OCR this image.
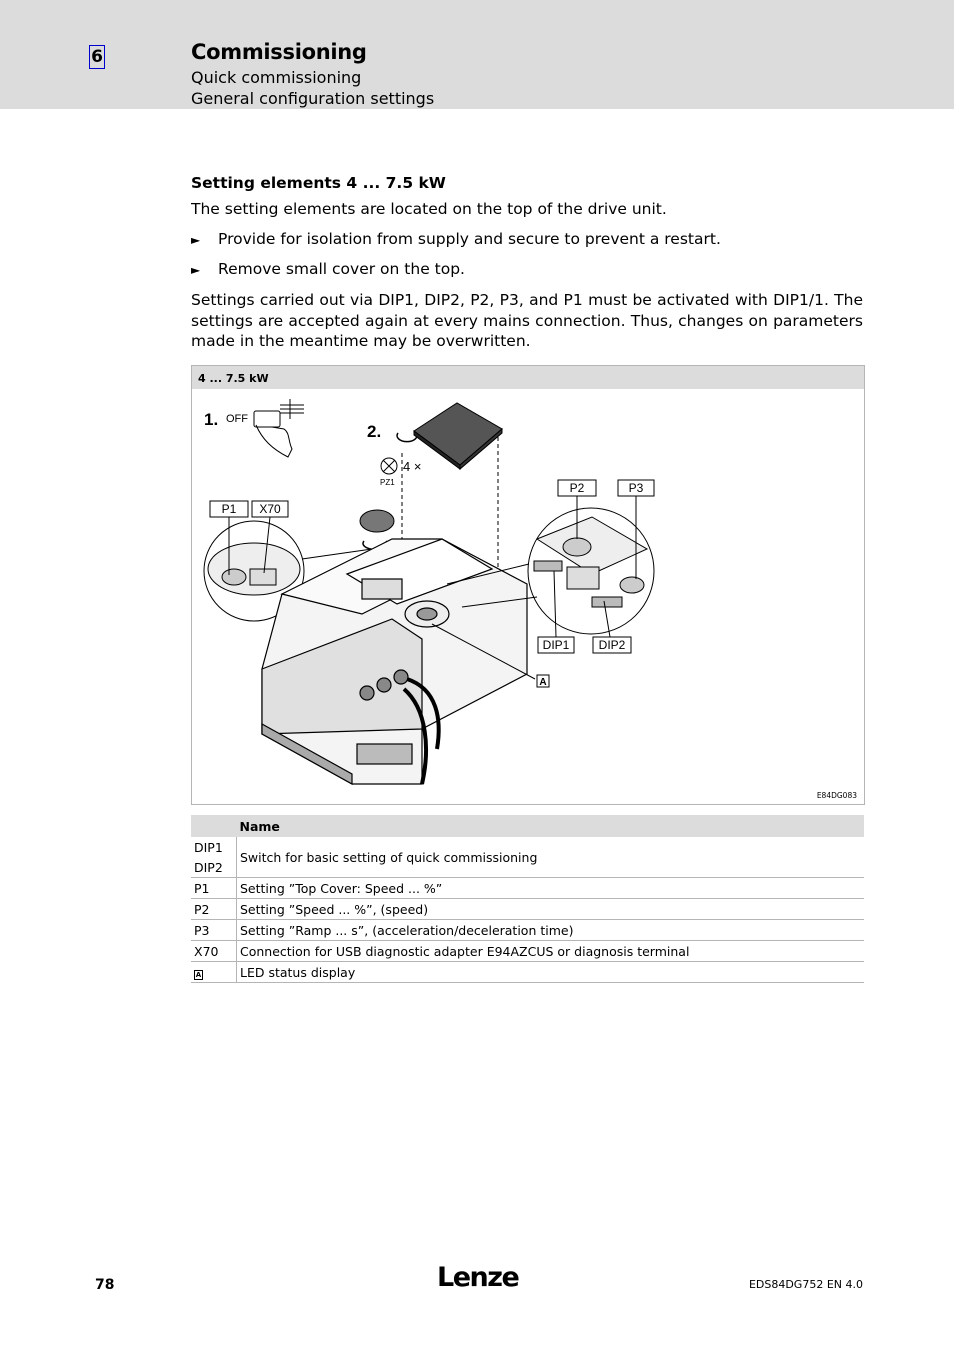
6	Commissioning
Quick commissioning
General configuration settings
Setting elements 4 ... 7.5 kW
The setting elements are located on the top of the drive unit.
► Provide for isolation from supply and secure to prevent a restart.
► Remove small cover on the top.
Settings carried out via DIP1, DIP2, P2, P3, and P1 must be activated with DIP1/1. The settings are accepted again at every mains connection. Thus, changes on parameters made in the meantime may be overwritten.
4 ... 7.5 kW
1. OFF
2.
4 ×
PZ1
P1 X70
P2	P3
DIP1 DIP2
A
E84DG083
	Name
DIP1	Switch for basic setting of quick commissioning
DIP2	
P1	Setting ”Top Cover: Speed ... %”
P2	Setting ”Speed ... %”, (speed)
P3	Setting ”Ramp ... s”, (acceleration/deceleration time)
X70	Connection for USB diagnostic adapter E94AZCUS or diagnosis terminal
A	LED status display
78	Lenze	EDS84DG752 EN 4.0
